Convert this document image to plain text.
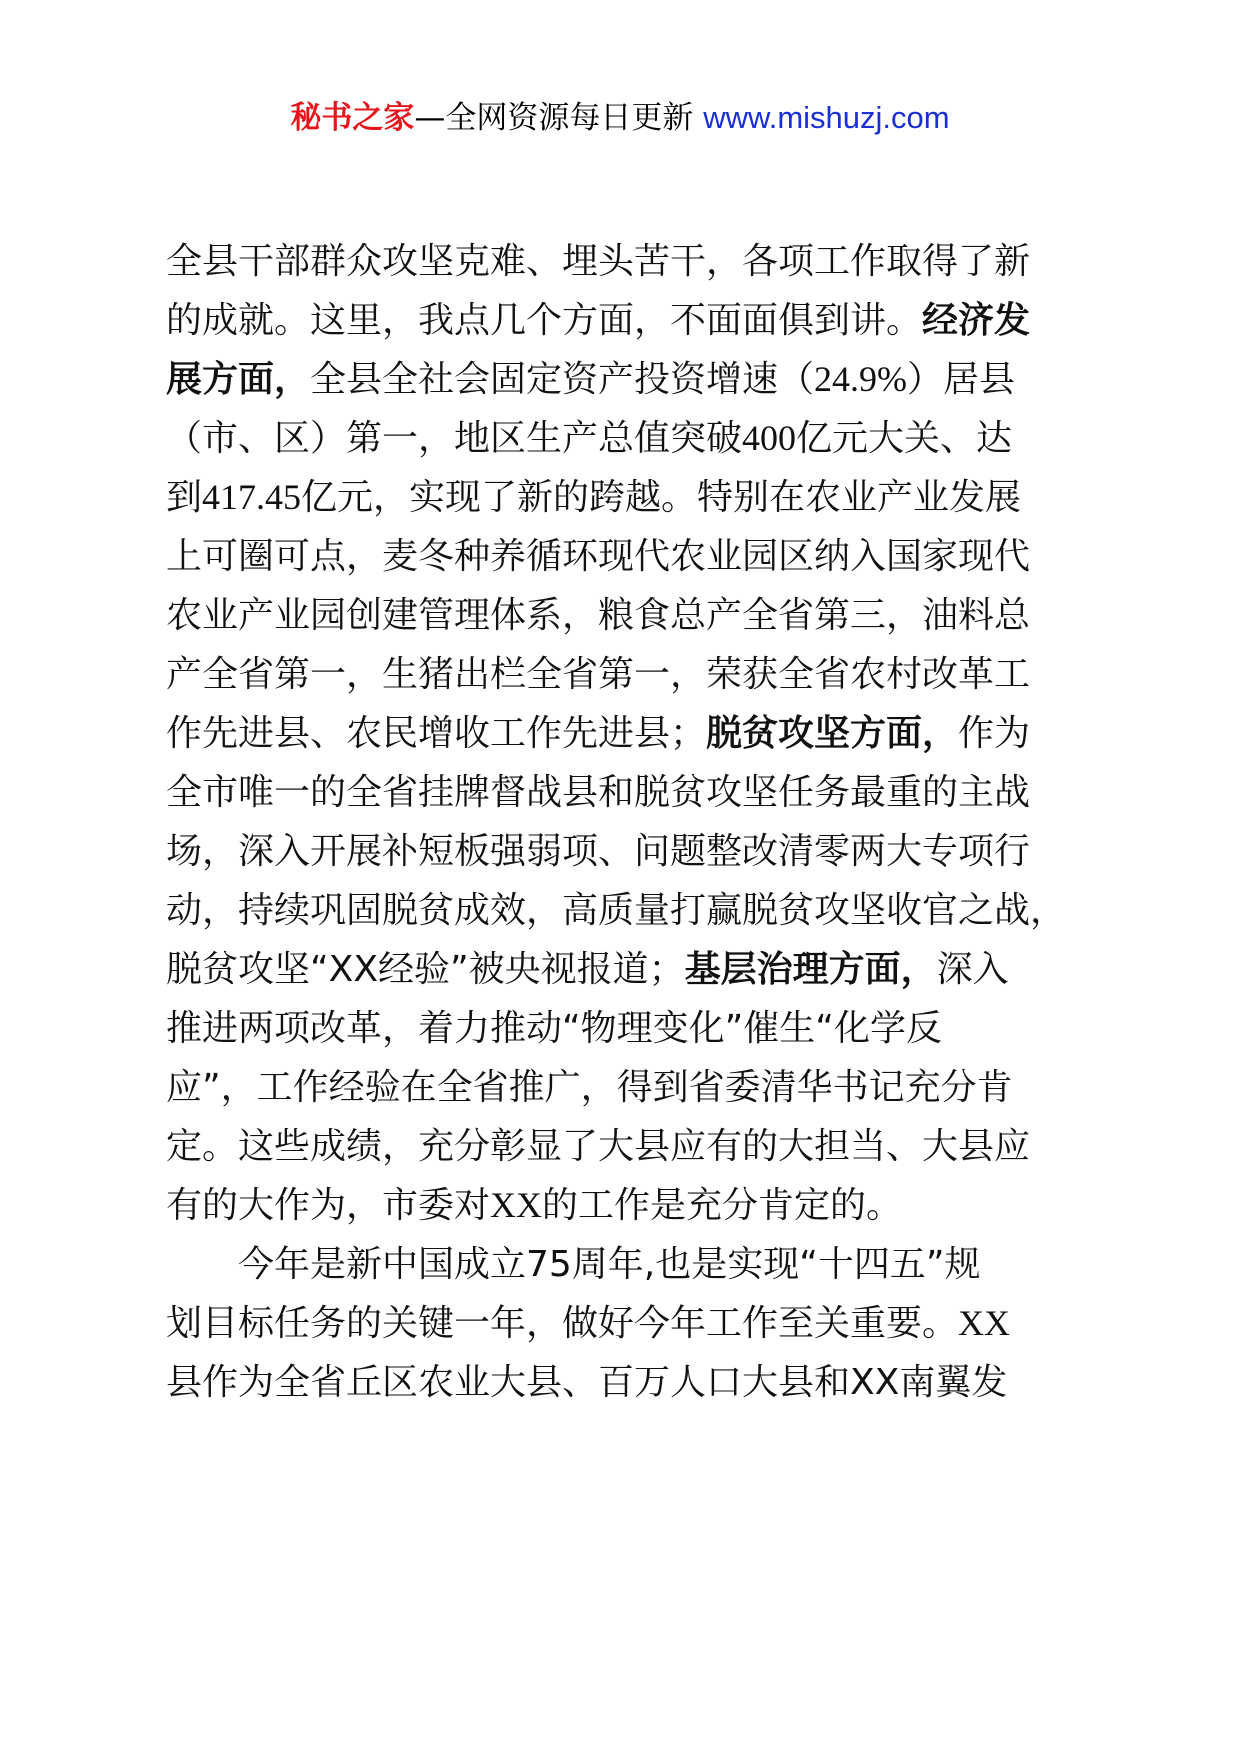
秘书之家—全网资源每日更新 www.mishuzj.com
全县干部群众攻坚克难、埋头苦干，各项工作取得了新
的成就。这里，我点几个方面，不面面俱到讲。经济发
展方面，全县全社会固定资产投资增速（24.9%）居县
（市、区）第一，地区生产总值突破400亿元大关、达
到417.45亿元，实现了新的跨越。特别在农业产业发展
上可圈可点，麦冬种养循环现代农业园区纳入国家现代
农业产业园创建管理体系，粮食总产全省第三，油料总
产全省第一，生猪出栏全省第一，荣获全省农村改革工
作先进县、农民增收工作先进县；脱贫攻坚方面，作为
全市唯一的全省挂牌督战县和脱贫攻坚任务最重的主战
场，深入开展补短板强弱项、问题整改清零两大专项行
动，持续巩固脱贫成效，高质量打赢脱贫攻坚收官之战，
脱贫攻坚“XX经验”被央视报道；基层治理方面，深入
推进两项改革，着力推动“物理变化”催生“化学反
应”，工作经验在全省推广，得到省委清华书记充分肯
定。这些成绩，充分彰显了大县应有的大担当、大县应
有的大作为，市委对XX的工作是充分肯定的。
今年是新中国成立75周年,也是实现“十四五”规
划目标任务的关键一年，做好今年工作至关重要。XX
县作为全省丘区农业大县、百万人口大县和XX南翼发
